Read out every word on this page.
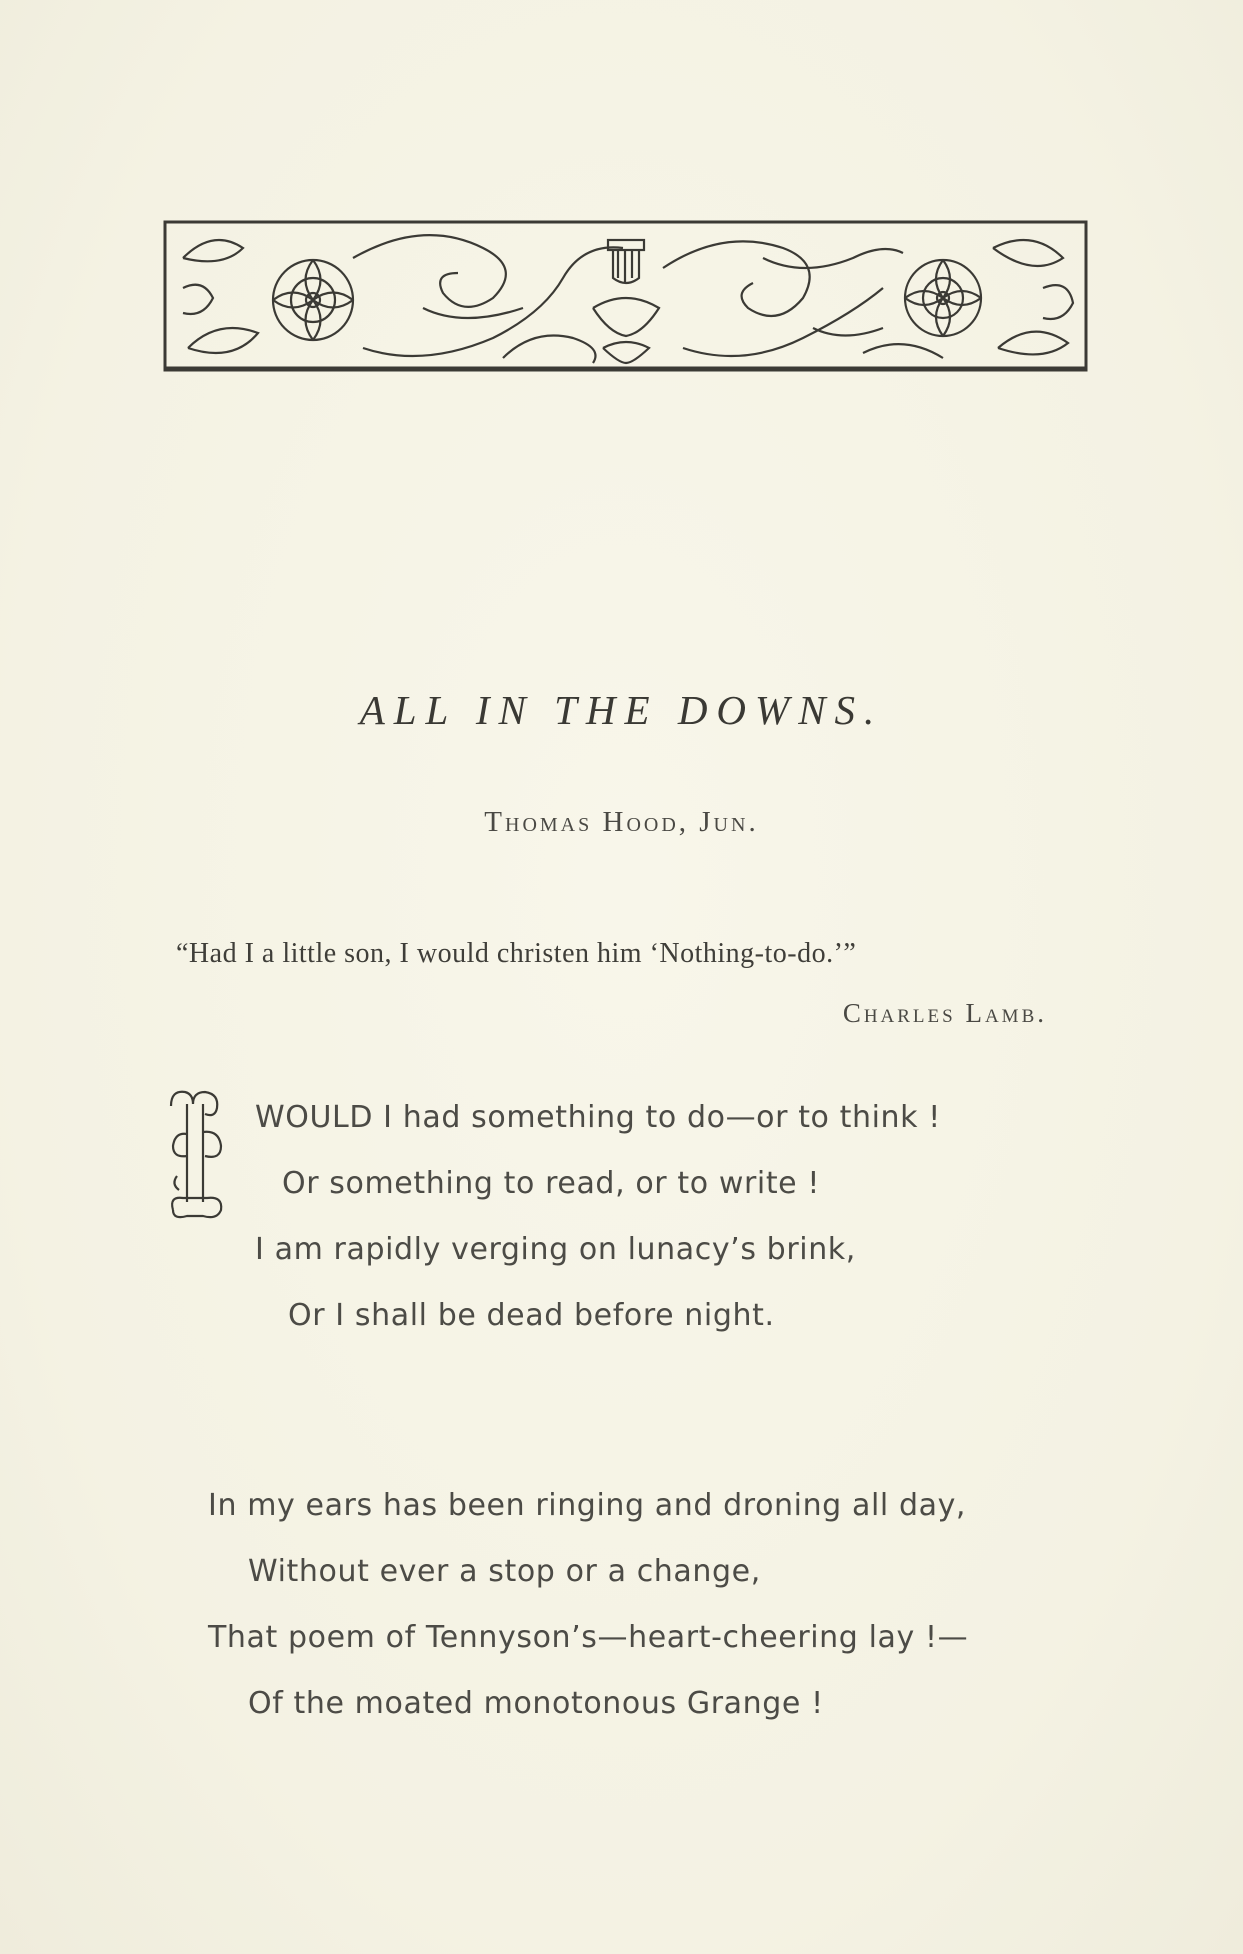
ALL IN THE DOWNS.
Thomas Hood, Jun.
“Had I a little son, I would christen him ‘Nothing-to-do.’”
Charles Lamb.
WOULD I had something to do—or to think !
Or something to read, or to write !
I am rapidly verging on lunacy’s brink,
Or I shall be dead before night.
In my ears has been ringing and droning all day,
Without ever a stop or a change,
That poem of Tennyson’s—heart-cheering lay !—
Of the moated monotonous Grange !
